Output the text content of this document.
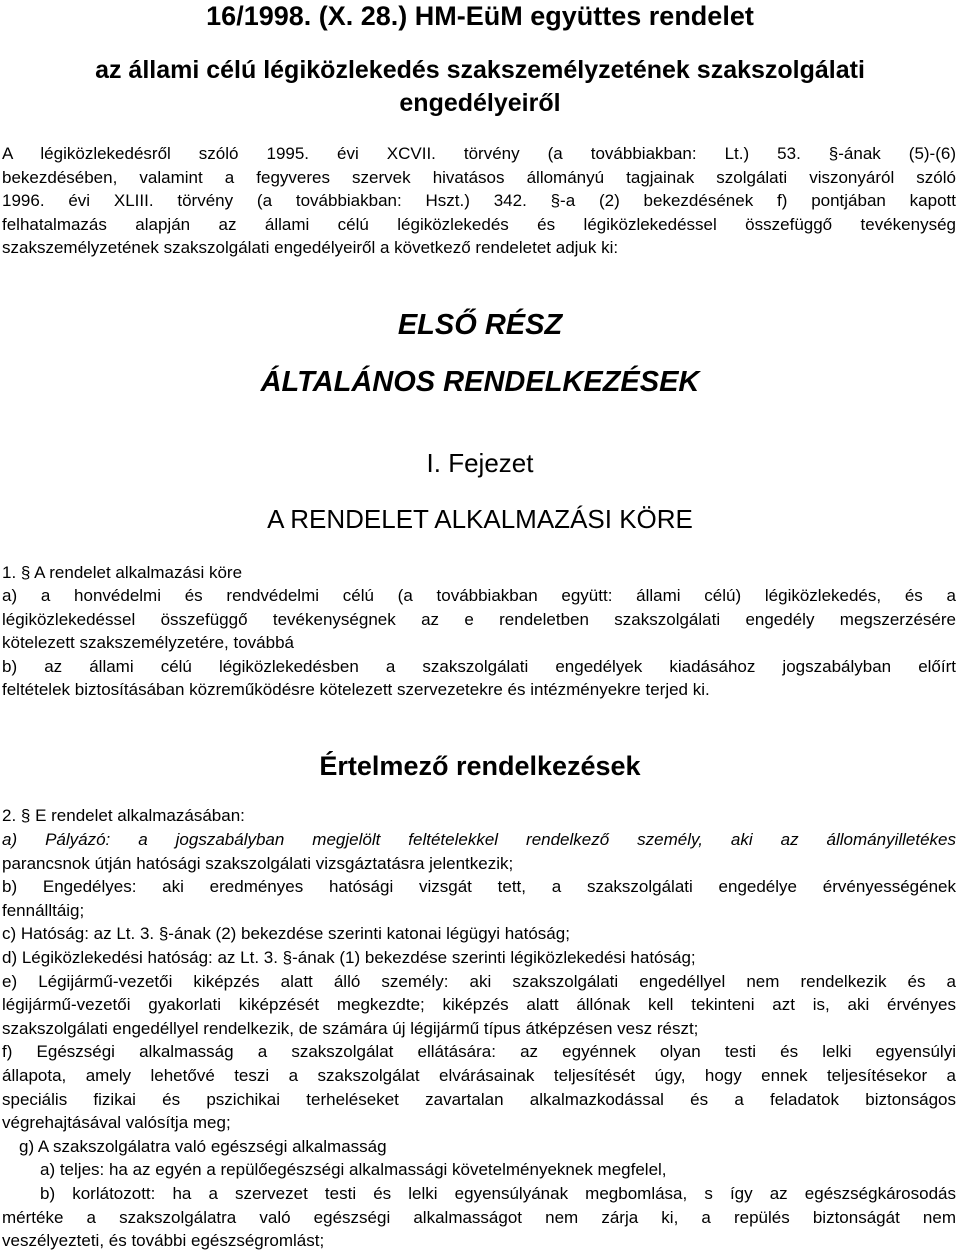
16/1998. (X. 28.) HM-EüM együttes rendelet
az állami célú légiközlekedés szakszemélyzetének szakszolgálati
engedélyeiről
A légiközlekedésről szóló 1995. évi XCVII. törvény (a továbbiakban: Lt.) 53. §-ának (5)-(6)
bekezdésében, valamint a fegyveres szervek hivatásos állományú tagjainak szolgálati viszonyáról szóló
1996. évi XLIII. törvény (a továbbiakban: Hszt.) 342. §-a (2) bekezdésének f) pontjában kapott
felhatalmazás alapján az állami célú légiközlekedés és légiközlekedéssel összefüggő tevékenység
szakszemélyzetének szakszolgálati engedélyeiről a következő rendeletet adjuk ki:
ELSŐ RÉSZ
ÁLTALÁNOS RENDELKEZÉSEK
I. Fejezet
A RENDELET ALKALMAZÁSI KÖRE
1. § A rendelet alkalmazási köre
a) a honvédelmi és rendvédelmi célú (a továbbiakban együtt: állami célú) légiközlekedés, és a
légiközlekedéssel összefüggő tevékenységnek az e rendeletben szakszolgálati engedély megszerzésére
kötelezett szakszemélyzetére, továbbá
b) az állami célú légiközlekedésben a szakszolgálati engedélyek kiadásához jogszabályban előírt
feltételek biztosításában közreműködésre kötelezett szervezetekre és intézményekre terjed ki.
Értelmező rendelkezések
2. § E rendelet alkalmazásában:
a) Pályázó: a jogszabályban megjelölt feltételekkel rendelkező személy, aki az állományilletékes
parancsnok útján hatósági szakszolgálati vizsgáztatásra jelentkezik;
b) Engedélyes: aki eredményes hatósági vizsgát tett, a szakszolgálati engedélye érvényességének
fennálltáig;
c) Hatóság: az Lt. 3. §-ának (2) bekezdése szerinti katonai légügyi hatóság;
d) Légiközlekedési hatóság: az Lt. 3. §-ának (1) bekezdése szerinti légiközlekedési hatóság;
e) Légijármű-vezetői kiképzés alatt álló személy: aki szakszolgálati engedéllyel nem rendelkezik és a
légijármű-vezetői gyakorlati kiképzését megkezdte; kiképzés alatt állónak kell tekinteni azt is, aki érvényes
szakszolgálati engedéllyel rendelkezik, de számára új légijármű típus átképzésen vesz részt;
f) Egészségi alkalmasság a szakszolgálat ellátására: az egyénnek olyan testi és lelki egyensúlyi
állapota, amely lehetővé teszi a szakszolgálat elvárásainak teljesítését úgy, hogy ennek teljesítésekor a
speciális fizikai és pszichikai terheléseket zavartalan alkalmazkodással és a feladatok biztonságos
végrehajtásával valósítja meg;
g) A szakszolgálatra való egészségi alkalmasság
a) teljes: ha az egyén a repülőegészségi alkalmassági követelményeknek megfelel,
b) korlátozott: ha a szervezet testi és lelki egyensúlyának megbomlása, s így az egészségkárosodás
mértéke a szakszolgálatra való egészségi alkalmasságot nem zárja ki, a repülés biztonságát nem
veszélyezteti, és további egészségromlást;
